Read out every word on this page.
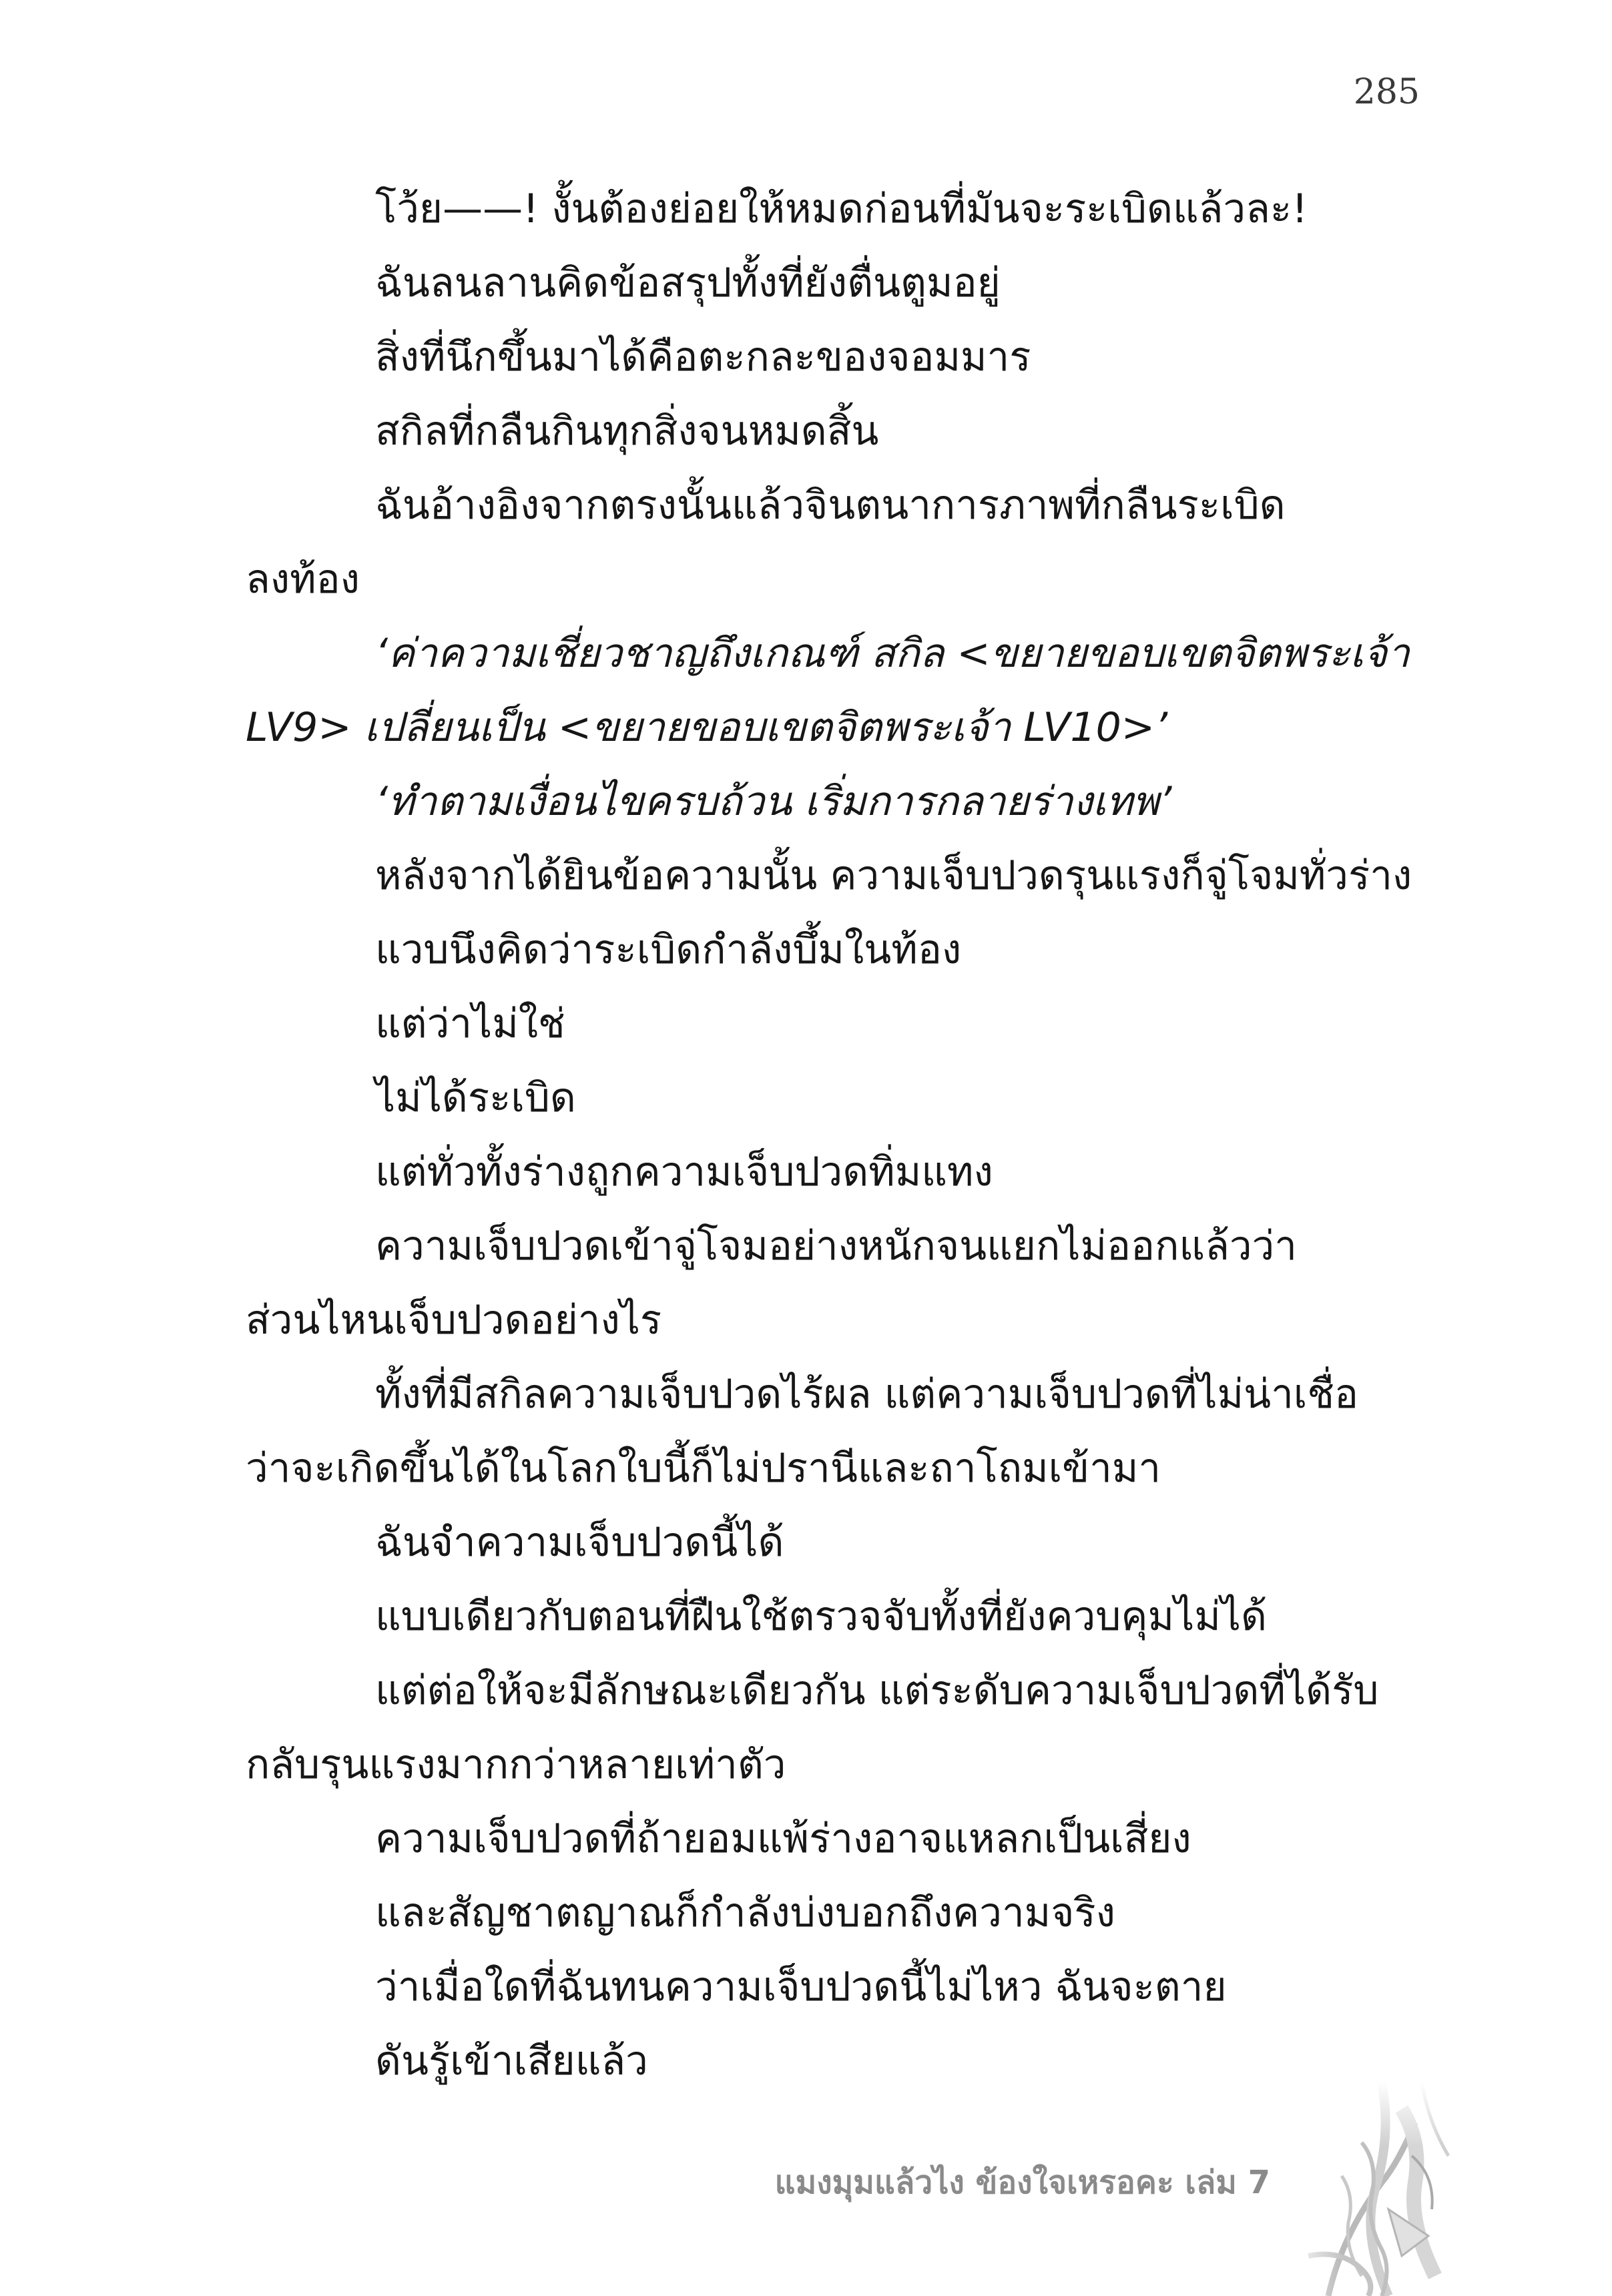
285
โว้ย——! งั้นต้องย่อยให้หมดก่อนที่มันจะระเบิดแล้วละ!
ฉันลนลานคิดข้อสรุปทั้งที่ยังตื่นตูมอยู่
สิ่งที่นึกขึ้นมาได้คือตะกละของจอมมาร
สกิลที่กลืนกินทุกสิ่งจนหมดสิ้น
ฉันอ้างอิงจากตรงนั้นแล้วจินตนาการภาพที่กลืนระเบิด
ลงท้อง
‘ค่าความเชี่ยวชาญถึงเกณฑ์ สกิล <ขยายขอบเขตจิตพระเจ้า
LV9> เปลี่ยนเป็น <ขยายขอบเขตจิตพระเจ้า LV10>’
‘ทำตามเงื่อนไขครบถ้วน เริ่มการกลายร่างเทพ’
หลังจากได้ยินข้อความนั้น ความเจ็บปวดรุนแรงก็จู่โจมทั่วร่าง
แวบนึงคิดว่าระเบิดกำลังบึ้มในท้อง
แต่ว่าไม่ใช่
ไม่ได้ระเบิด
แต่ทั่วทั้งร่างถูกความเจ็บปวดทิ่มแทง
ความเจ็บปวดเข้าจู่โจมอย่างหนักจนแยกไม่ออกแล้วว่า
ส่วนไหนเจ็บปวดอย่างไร
ทั้งที่มีสกิลความเจ็บปวดไร้ผล แต่ความเจ็บปวดที่ไม่น่าเชื่อ
ว่าจะเกิดขึ้นได้ในโลกใบนี้ก็ไม่ปรานีและถาโถมเข้ามา
ฉันจำความเจ็บปวดนี้ได้
แบบเดียวกับตอนที่ฝืนใช้ตรวจจับทั้งที่ยังควบคุมไม่ได้
แต่ต่อให้จะมีลักษณะเดียวกัน แต่ระดับความเจ็บปวดที่ได้รับ
กลับรุนแรงมากกว่าหลายเท่าตัว
ความเจ็บปวดที่ถ้ายอมแพ้ร่างอาจแหลกเป็นเสี่ยง
และสัญชาตญาณก็กำลังบ่งบอกถึงความจริง
ว่าเมื่อใดที่ฉันทนความเจ็บปวดนี้ไม่ไหว ฉันจะตาย
ดันรู้เข้าเสียแล้ว
แมงมุมแล้วไง ข้องใจเหรอคะ เล่ม 7
